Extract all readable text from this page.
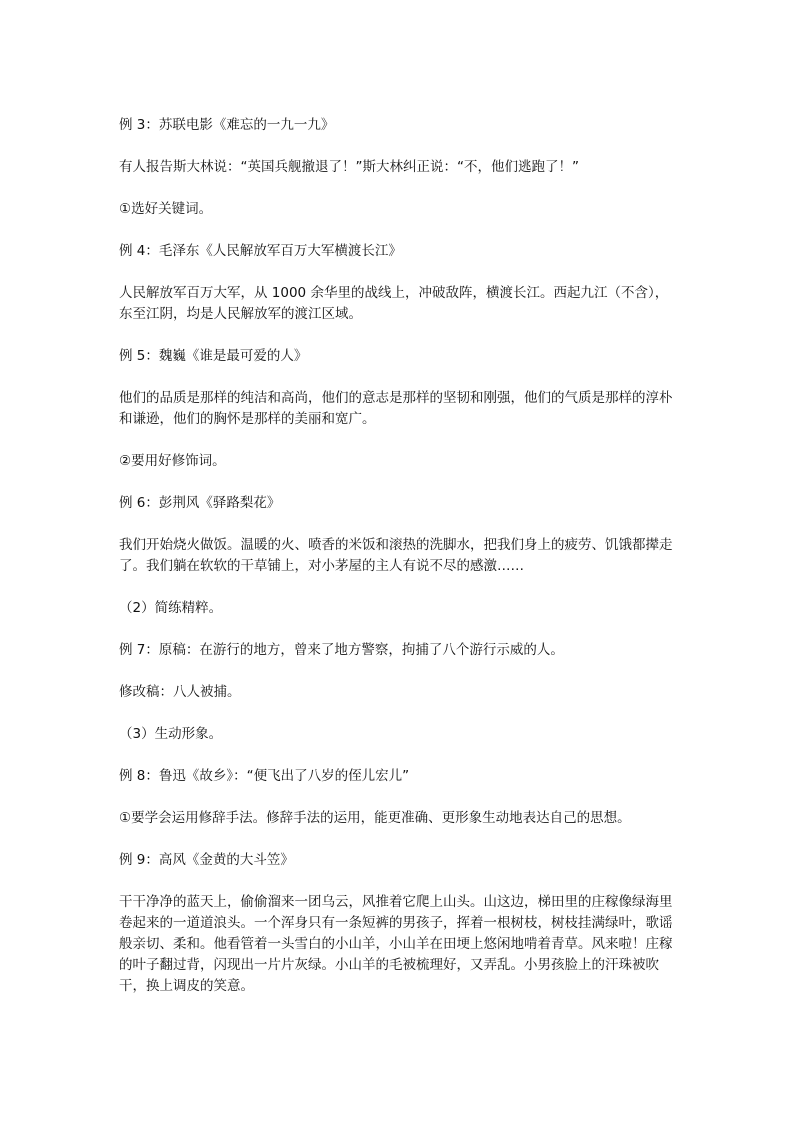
例 3：苏联电影《难忘的一九一九》

有人报告斯大林说：“英国兵舰撤退了！”斯大林纠正说：“不，他们逃跑了！”

①选好关键词。

例 4：毛泽东《人民解放军百万大军横渡长江》

人民解放军百万大军，从 1000 余华里的战线上，冲破敌阵，横渡长江。西起九江（不含），东至江阴，均是人民解放军的渡江区域。

例 5：魏巍《谁是最可爱的人》

他们的品质是那样的纯洁和高尚，他们的意志是那样的坚韧和刚强，他们的气质是那样的淳朴和谦逊，他们的胸怀是那样的美丽和宽广。

②要用好修饰词。

例 6：彭荆风《驿路梨花》

我们开始烧火做饭。温暖的火、喷香的米饭和滚热的洗脚水，把我们身上的疲劳、饥饿都撵走了。我们躺在软软的干草铺上，对小茅屋的主人有说不尽的感激……

（2）简练精粹。

例 7：原稿：在游行的地方，曾来了地方警察，拘捕了八个游行示威的人。

修改稿：八人被捕。

（3）生动形象。

例 8：鲁迅《故乡》：“便飞出了八岁的侄儿宏儿”

①要学会运用修辞手法。修辞手法的运用，能更准确、更形象生动地表达自己的思想。

例 9：高风《金黄的大斗笠》

干干净净的蓝天上，偷偷溜来一团乌云，风推着它爬上山头。山这边，梯田里的庄稼像绿海里卷起来的一道道浪头。一个浑身只有一条短裤的男孩子，挥着一根树枝，树枝挂满绿叶，歌谣般亲切、柔和。他看管着一头雪白的小山羊，小山羊在田埂上悠闲地啃着青草。风来啦！庄稼的叶子翻过背，闪现出一片片灰绿。小山羊的毛被梳理好，又弄乱。小男孩脸上的汗珠被吹干，换上调皮的笑意。
